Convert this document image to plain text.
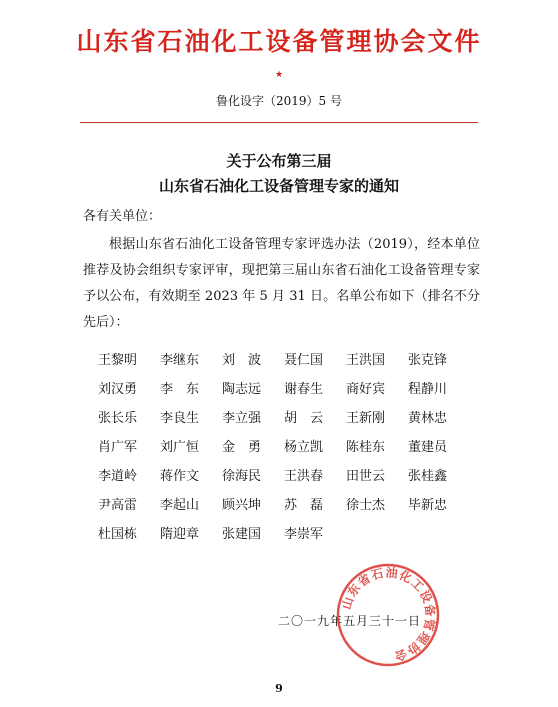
山东省石油化工设备管理协会文件
★
鲁化设字（2019）5 号
关于公布第三届
山东省石油化工设备管理专家的通知
各有关单位：
根据山东省石油化工设备管理专家评选办法（2019），经本单位推荐及协会组织专家评审，现把第三届山东省石油化工设备管理专家予以公布，有效期至 2023 年 5 月 31 日。名单公布如下（排名不分先后）：
王黎明 李继东 刘　波 聂仁国 王洪国 张克锋
刘汉勇 李　东 陶志远 谢春生 商好宾 程静川
张长乐 李良生 李立强 胡　云 王新刚 黄林忠
肖广军 刘广恒 金　勇 杨立凯 陈桂东 董建员
李道岭 蒋作文 徐海民 王洪春 田世云 张桂鑫
尹高雷 李起山 顾兴坤 苏　磊 徐士杰 毕新忠
杜国栋 隋迎章 张建国 李崇军
二〇一九年五月三十一日
山东省石油化工设备管理协会
9
